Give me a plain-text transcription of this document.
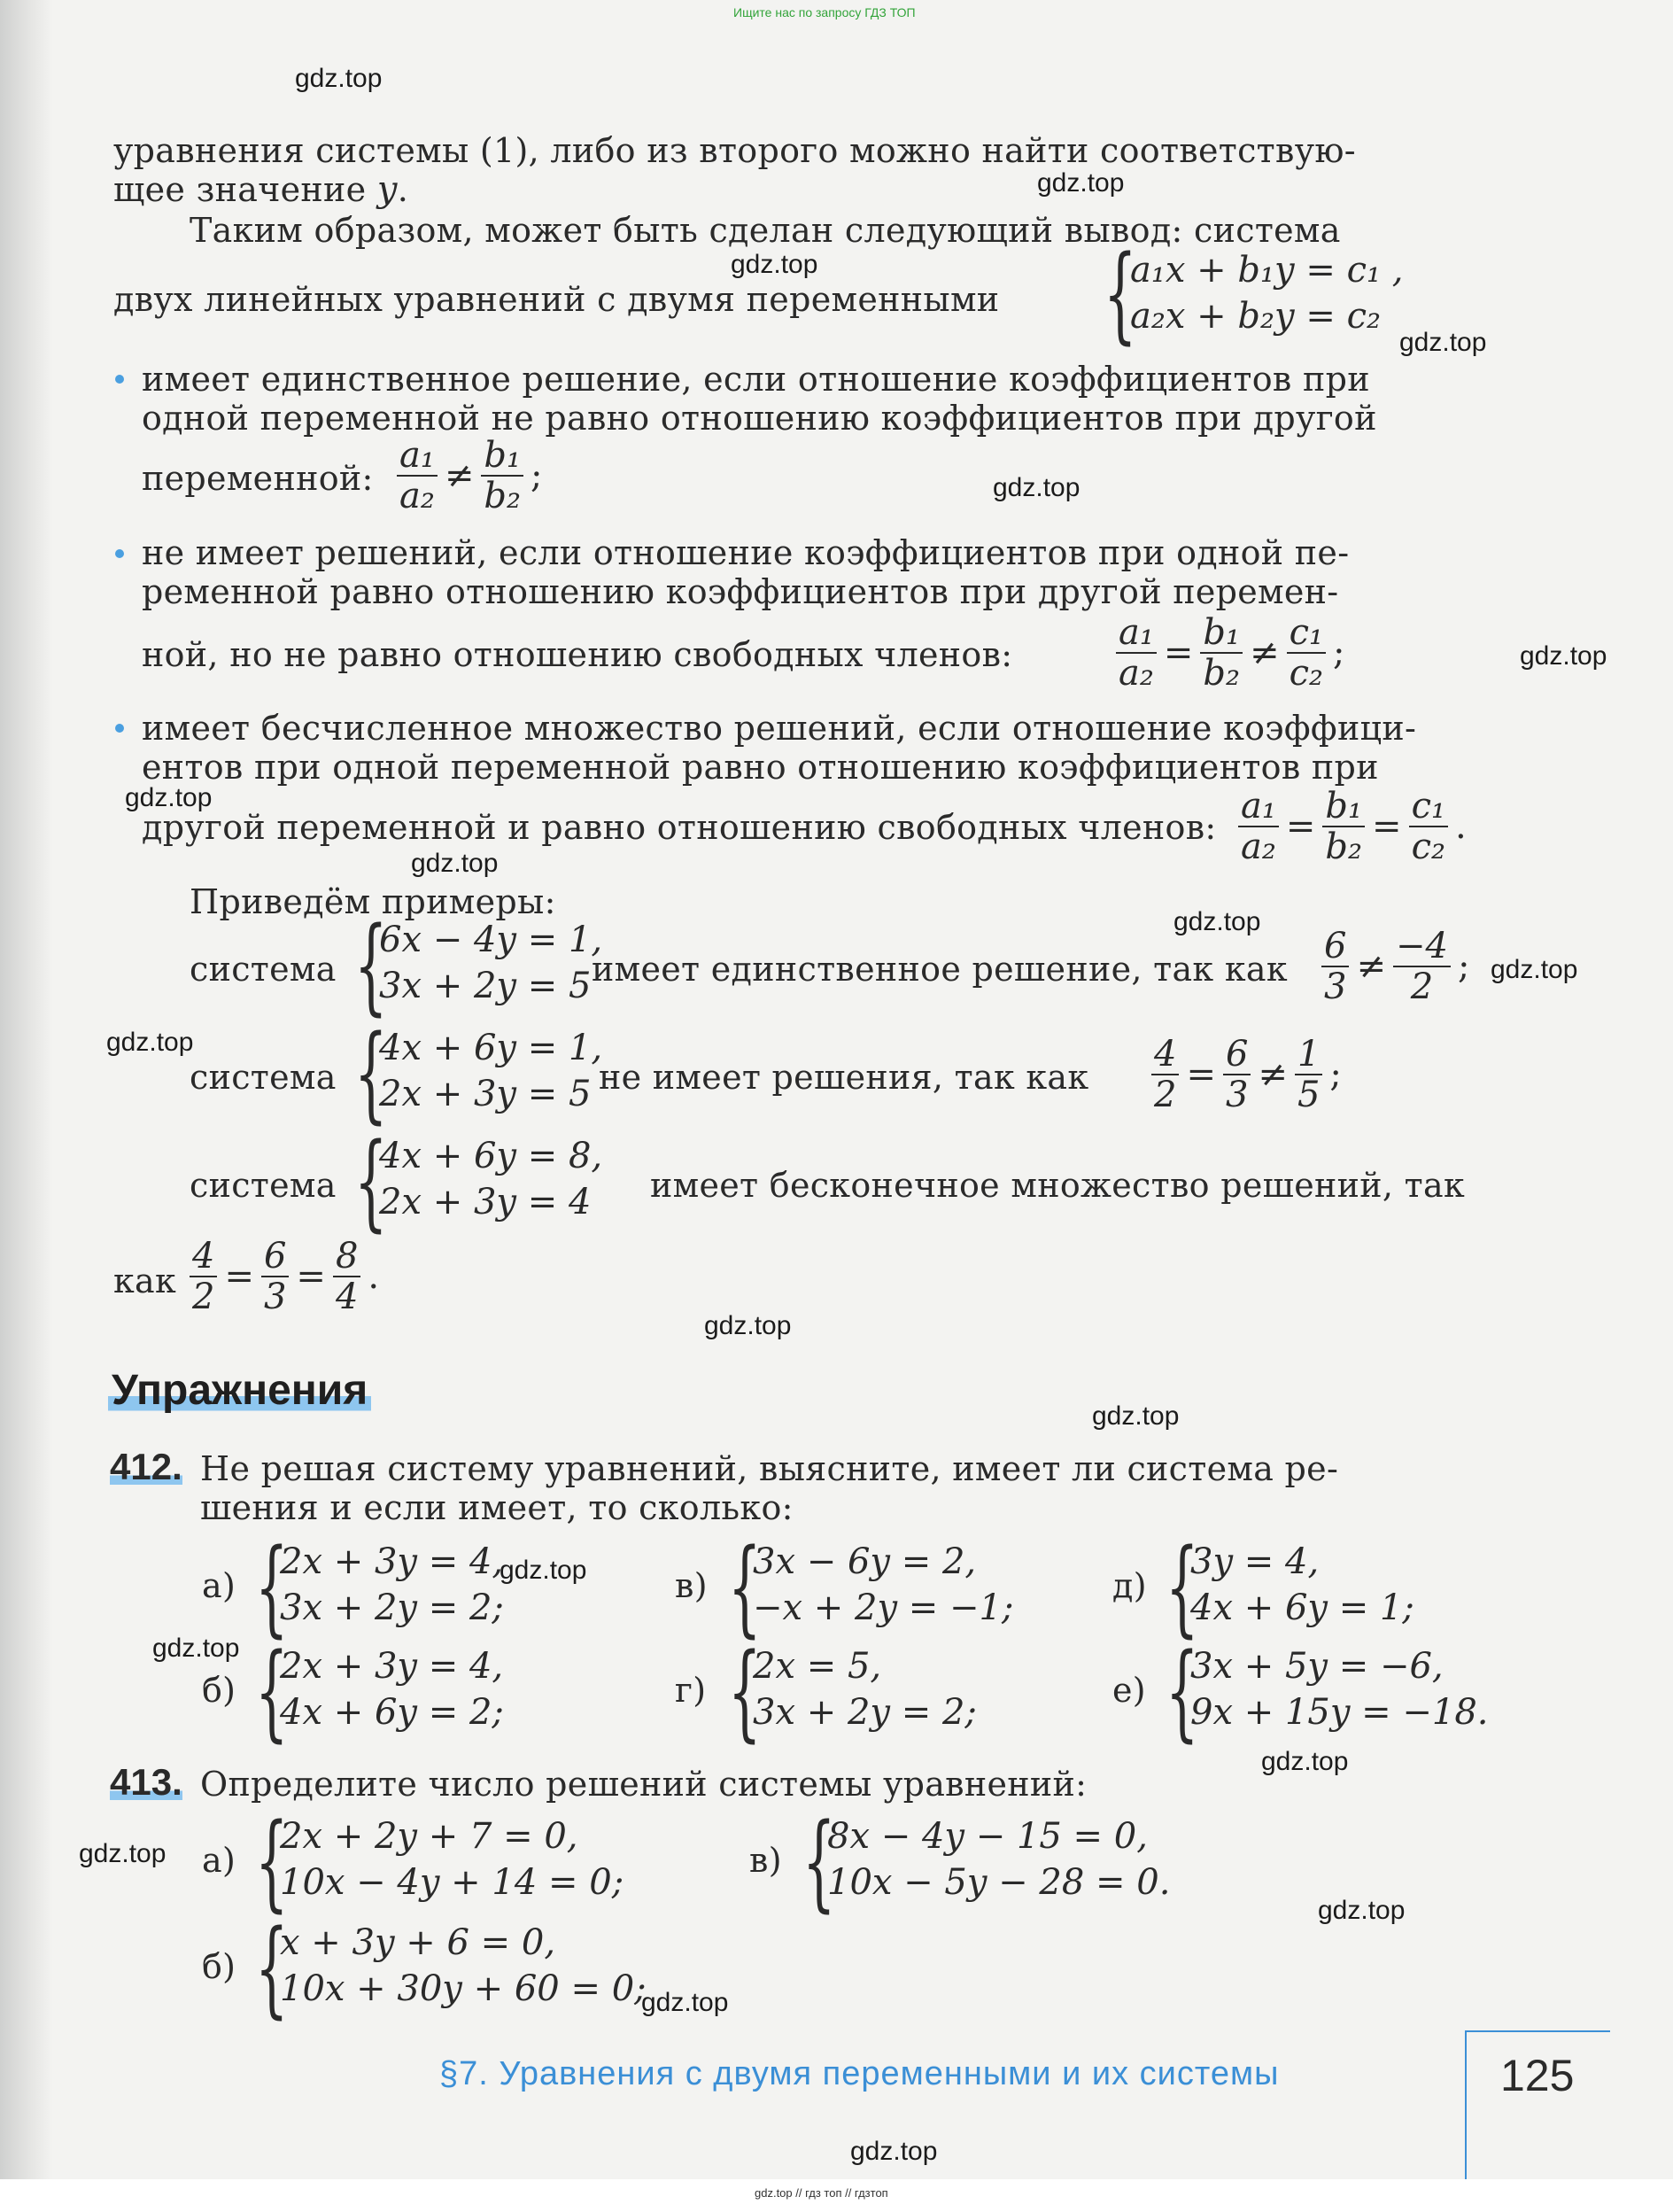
Ищите нас по запросу ГДЗ ТОП
уравнения системы (1), либо из второго можно найти соответствую-
щее значение y.
Таким образом, может быть сделан следующий вывод: система
двух линейных уравнений с двумя переменными {
a₁x + b₁y = c₁ ,
a₂x + b₂y = c₂
имеет единственное решение, если отношение коэффициентов при
одной переменной не равно отношению коэффициентов при другой
переменной: $\frac{\text{a₁}}{\text{a₂}} \ne \frac{\text{b₁}}{\text{b₂}}$ ;
не имеет решений, если отношение коэффициентов при одной пе-
ременной равно отношению коэффициентов при другой перемен-
ной, но не равно отношению свободных членов:	$\frac{\text{a₁}}{\text{a₂}} = \frac{\text{b₁}}{\text{b₂}} \ne \frac{\text{c₁}}{\text{c₂}}$ ;
имеет бесчисленное множество решений, если отношение коэффици-
ентов при одной переменной равно отношению коэффициентов при
другой переменной и равно отношению свободных членов: $\frac{\text{a₁}}{\text{a₂}} = \frac{\text{b₁}}{\text{b₂}} = \frac{\text{c₁}}{\text{c₂}}$ .
Приведём примеры:
система {
6x − 4y = 1,
3x + 2y = 5 имеет единственное решение, так как $\frac{6}{3} \ne \frac{-4}{2}$ ;
система {
4x + 6y = 1,
2x + 3y = 5 не имеет решения, так как $\frac{4}{2} = \frac{6}{3} \ne \frac{1}{5}$ ;
система {
4x + 6y = 8,
2x + 3y = 4 имеет бесконечное множество решений, так
как $\frac{4}{2} = \frac{6}{3} = \frac{8}{4}$ .
Упражнения
412. Не решая систему уравнений, выясните, имеет ли система ре-
шения и если имеет, то сколько:
а) {
2x + 3y = 4,
3x + 2y = 2;
в) {
3x − 6y = 2,
−x + 2y = −1;
д) {
3y = 4,
4x + 6y = 1;
б) {
2x + 3y = 4,
4x + 6y = 2;
г) {
2x = 5,
3x + 2y = 2;
е) {
3x + 5y = −6,
9x + 15y = −18.
413. Определите число решений системы уравнений:
а) {
2x + 2y + 7 = 0,
10x − 4y + 14 = 0;
в) {
8x − 4y − 15 = 0,
10x − 5y − 28 = 0.
б) {
x + 3y + 6 = 0,
10x + 30y + 60 = 0;
§7. Уравнения с двумя переменными и их системы	125
gdz.top
gdz.top
gdz.top
gdz.top
gdz.top
gdz.top
gdz.top
gdz.top
gdz.top
gdz.top
gdz.top
gdz.top
gdz.top
gdz.top
gdz.top
gdz.top
gdz.top
gdz.top
gdz.top
gdz.top
gdz.top // гдз топ // гдзтоп
